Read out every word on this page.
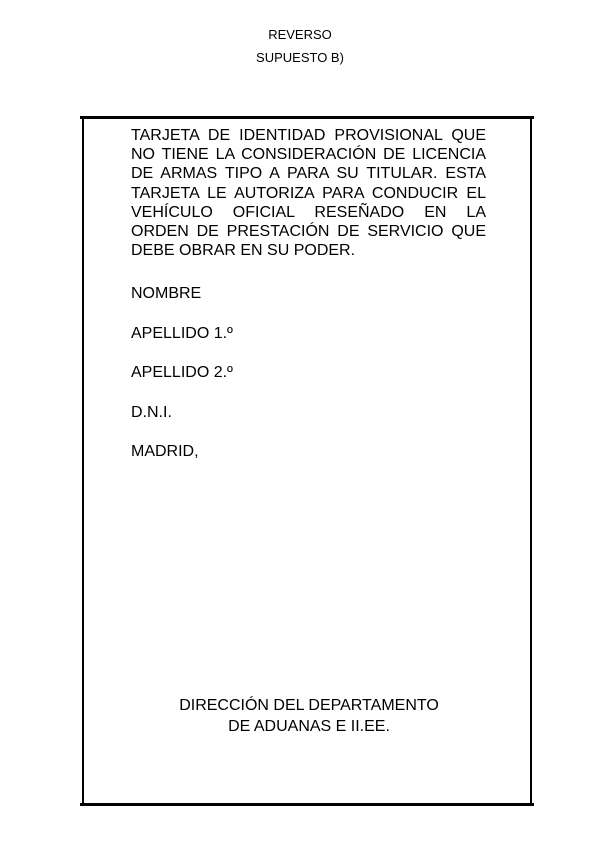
REVERSO
SUPUESTO B)
TARJETA DE IDENTIDAD PROVISIONAL QUE
NO TIENE LA CONSIDERACIÓN DE LICENCIA
DE ARMAS TIPO A PARA SU TITULAR. ESTA
TARJETA LE AUTORIZA PARA CONDUCIR EL
VEHÍCULO OFICIAL RESEÑADO EN LA
ORDEN DE PRESTACIÓN DE SERVICIO QUE
DEBE OBRAR EN SU PODER.
NOMBRE
APELLIDO 1.º
APELLIDO 2.º
D.N.I.
MADRID,
DIRECCIÓN DEL DEPARTAMENTO
DE ADUANAS E II.EE.
